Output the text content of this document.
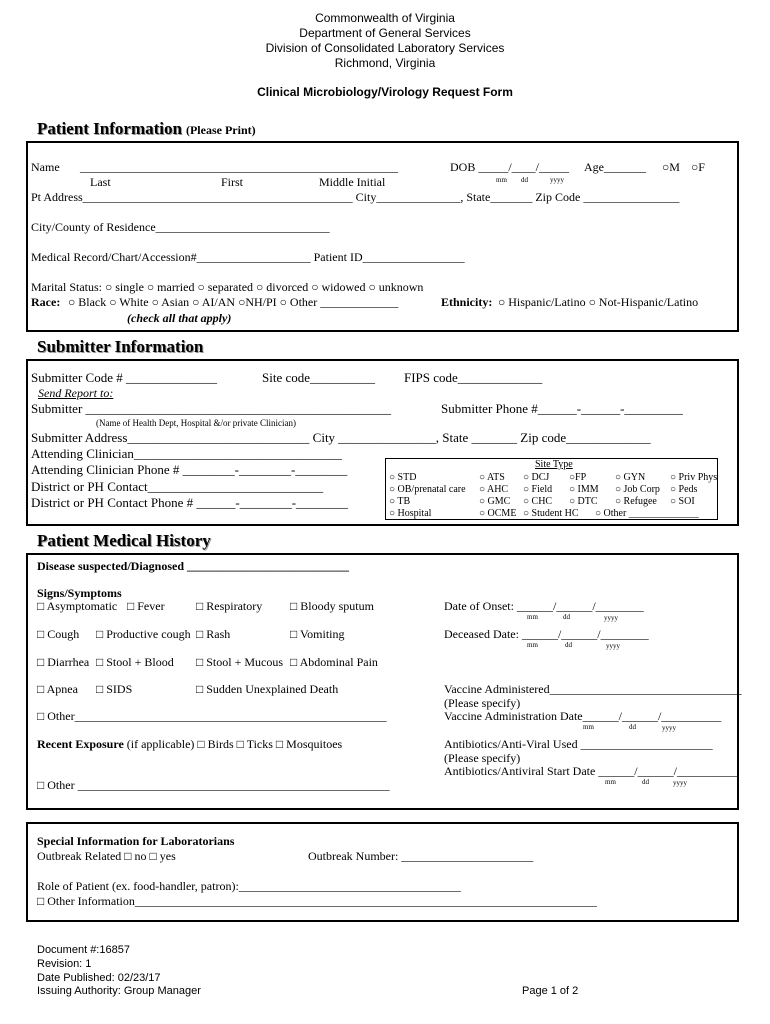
Commonwealth of Virginia
Department of General Services
Division of Consolidated Laboratory Services
Richmond, Virginia
Clinical Microbiology/Virology Request Form
Patient Information (Please Print)
Name _____________________________________________________	DOB _____/____/_____ Age_______ ○M ○F
Last	First	Middle Initial	mm dd	yyyy
Pt Address_____________________________________________ City______________, State_______ Zip Code ________________
City/County of Residence_____________________________
Medical Record/Chart/Accession#___________________ Patient ID_________________
Marital Status: ○ single ○ married ○ separated ○ divorced ○ widowed ○ unknown
Race: ○ Black ○ White ○ Asian ○ AI/AN ○NH/PI ○ Other _____________	Ethnicity: ○ Hispanic/Latino ○ Not-Hispanic/Latino
(check all that apply)
Submitter Information
Submitter Code # ______________	Site code__________ FIPS code_____________
Send Report to:
Submitter _______________________________________________	Submitter Phone #______-______-_________
(Name of Health Dept, Hospital &/or private Clinician)
Submitter Address____________________________ City _______________, State _______ Zip code_____________
Attending Clinician________________________________
Attending Clinician Phone # ________-________-________
District or PH Contact___________________________
District or PH Contact Phone # ______-________-________
Site Type
○ STD	○ ATS ○ DCJ ○FP	○ GYN ○ Priv Phys
○ OB/prenatal care ○ AHC ○ Field ○ IMM ○ Job Corp ○ Peds
○ TB	○ GMC ○ CHC ○ DTC ○ Refugee ○ SOI
○ Hospital	○ OCME ○ Student HC ○ Other ______________
Patient Medical History
Disease suspected/Diagnosed ___________________________
Signs/Symptoms
□ Asymptomatic □ Fever	□ Respiratory □ Bloody sputum	Date of Onset: ______/______/________
mm	dd	yyyy
□ Cough □ Productive cough □ Rash	□ Vomiting	Deceased Date: ______/______/________
mm	dd	yyyy
□ Diarrhea □ Stool + Blood □ Stool + Mucous □ Abdominal Pain
□ Apnea □ SIDS	□ Sudden Unexplained Death	Vaccine Administered________________________________
(Please specify)
□ Other____________________________________________________	Vaccine Administration Date______/______/__________
mm	dd	yyyy
Recent Exposure (if applicable) □ Birds □ Ticks □ Mosquitoes	Antibiotics/Anti-Viral Used ______________________
(Please specify)
Antibiotics/Antiviral Start Date ______/______/__________
mm	dd	yyyy
□ Other ____________________________________________________
Special Information for Laboratorians
Outbreak Related □ no □ yes	Outbreak Number: ______________________
Role of Patient (ex. food-handler, patron):_____________________________________
□ Other Information_____________________________________________________________________________
Document #:16857
Revision: 1
Date Published: 02/23/17
Issuing Authority: Group Manager	Page 1 of 2
